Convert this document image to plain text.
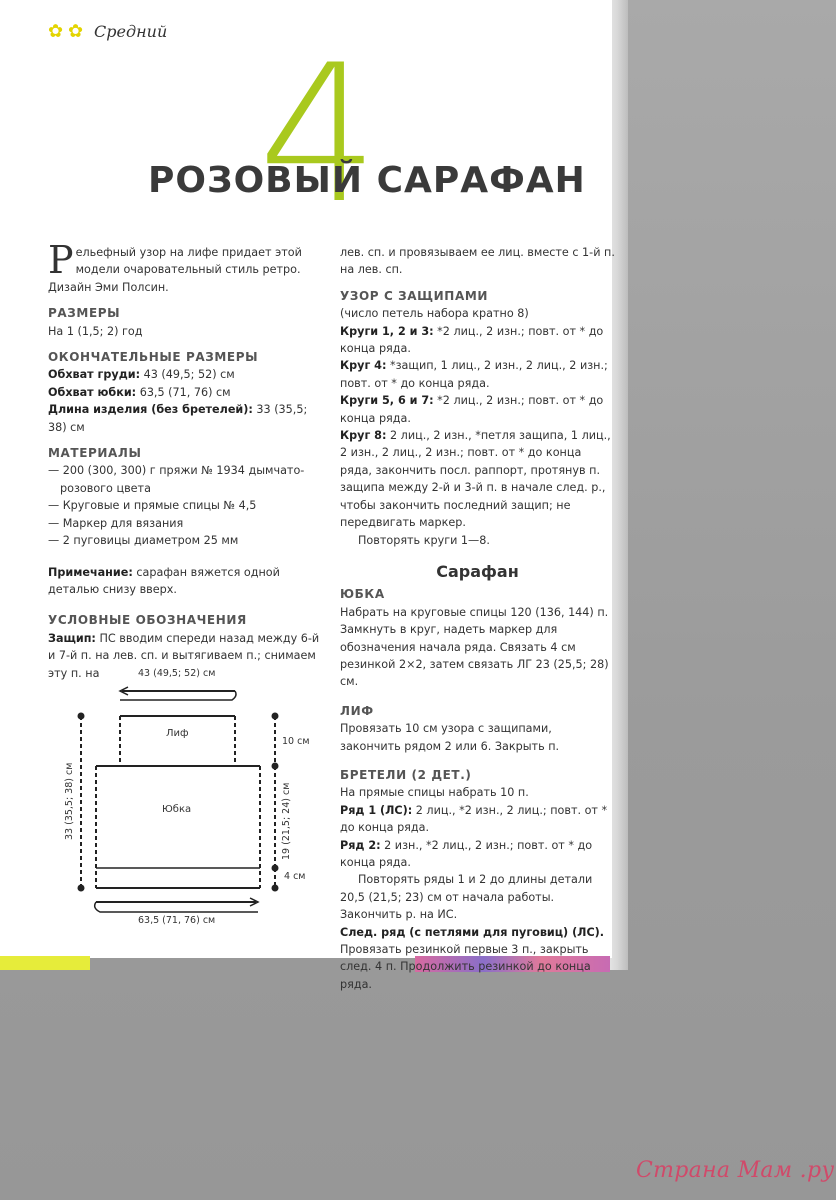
✿ ✿ Средний 4
РОЗОВЫЙ САРАФАН

Рельефный узор на лифе придает этой модели очаровательный стиль ретро. Дизайн Эми Полсин.

РАЗМЕРЫ

На 1 (1,5; 2) год

ОКОНЧАТЕЛЬНЫЕ РАЗМЕРЫ

Обхват груди: 43 (49,5; 52) см

Обхват юбки: 63,5 (71, 76) см

Длина изделия (без бретелей): 33 (35,5; 38) см

МАТЕРИАЛЫ

— 200 (300, 300) г пряжи № 1934 дымчато-розового цвета

— Круговые и прямые спицы № 4,5

— Маркер для вязания

— 2 пуговицы диаметром 25 мм

Примечание: сарафан вяжется одной деталью снизу вверх.

УСЛОВНЫЕ ОБОЗНАЧЕНИЯ

Защип: ПС вводим спереди назад между 6-й и 7-й п. на лев. сп. и вытягиваем п.; снимаем эту п. на	43 (49,5; 52) см
Лиф
Юбка
33 (35,5; 38) см
10 см
19 (21,5; 24) см
4 см
63,5 (71, 76) см

лев. сп. и провязываем ее лиц. вместе с 1-й п. на лев. сп.

УЗОР С ЗАЩИПАМИ

(число петель набора кратно 8)

Круги 1, 2 и 3: *2 лиц., 2 изн.; повт. от * до конца ряда.

Круг 4: *защип, 1 лиц., 2 изн., 2 лиц., 2 изн.; повт. от * до конца ряда.

Круги 5, 6 и 7: *2 лиц., 2 изн.; повт. от * до конца ряда.

Круг 8: 2 лиц., 2 изн., *петля защипа, 1 лиц., 2 изн., 2 лиц., 2 изн.; повт. от * до конца ряда, закончить посл. раппорт, протянув п. защипа между 2-й и 3-й п. в начале след. р., чтобы закончить последний защип; не передвигать маркер.

Повторять круги 1—8.

Сарафан
ЮБКА

Набрать на круговые спицы 120 (136, 144) п. Замкнуть в круг, надеть маркер для обозначения начала ряда. Связать 4 см резинкой 2×2, затем связать ЛГ 23 (25,5; 28) см.

ЛИФ

Провязать 10 см узора с защипами, закончить рядом 2 или 6. Закрыть п.

БРЕТЕЛИ (2 ДЕТ.)

На прямые спицы набрать 10 п.

Ряд 1 (ЛС): 2 лиц., *2 изн., 2 лиц.; повт. от * до конца ряда.

Ряд 2: 2 изн., *2 лиц., 2 изн.; повт. от * до конца ряда.

Повторять ряды 1 и 2 до длины детали 20,5 (21,5; 23) см от начала работы. Закончить р. на ИС.

След. ряд (с петлями для пуговиц) (ЛС). Провязать резинкой первые 3 п., закрыть след. 4 п. Продолжить резинкой до конца ряда.

Страна Мам .ру
